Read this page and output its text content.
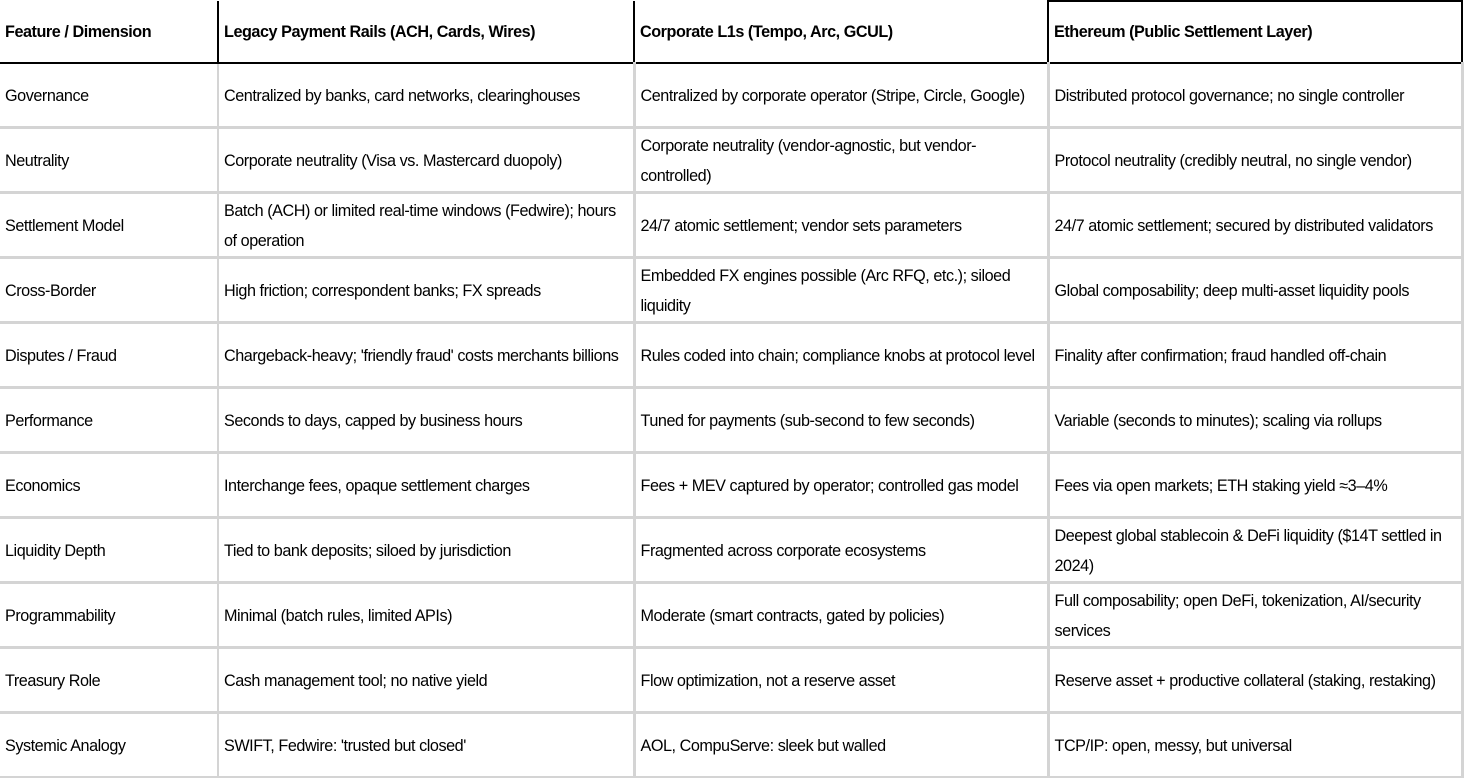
Feature / Dimension	Legacy Payment Rails (ACH, Cards, Wires)	Corporate L1s (Tempo, Arc, GCUL)	Ethereum (Public Settlement Layer)
Governance	Centralized by banks, card networks, clearinghouses	Centralized by corporate operator (Stripe, Circle, Google)	Distributed protocol governance; no single controller
Neutrality	Corporate neutrality (Visa vs. Mastercard duopoly)	Corporate neutrality (vendor-agnostic, but vendor-controlled)	Protocol neutrality (credibly neutral, no single vendor)
Settlement Model	Batch (ACH) or limited real-time windows (Fedwire); hours of operation	24/7 atomic settlement; vendor sets parameters	24/7 atomic settlement; secured by distributed validators
Cross-Border	High friction; correspondent banks; FX spreads	Embedded FX engines possible (Arc RFQ, etc.); siloed liquidity	Global composability; deep multi-asset liquidity pools
Disputes / Fraud	Chargeback-heavy; 'friendly fraud' costs merchants billions	Rules coded into chain; compliance knobs at protocol level	Finality after confirmation; fraud handled off-chain
Performance	Seconds to days, capped by business hours	Tuned for payments (sub-second to few seconds)	Variable (seconds to minutes); scaling via rollups
Economics	Interchange fees, opaque settlement charges	Fees + MEV captured by operator; controlled gas model	Fees via open markets; ETH staking yield ≈3–4%
Liquidity Depth	Tied to bank deposits; siloed by jurisdiction	Fragmented across corporate ecosystems	Deepest global stablecoin & DeFi liquidity ($14T settled in 2024)
Programmability	Minimal (batch rules, limited APIs)	Moderate (smart contracts, gated by policies)	Full composability; open DeFi, tokenization, AI/security services
Treasury Role	Cash management tool; no native yield	Flow optimization, not a reserve asset	Reserve asset + productive collateral (staking, restaking)
Systemic Analogy	SWIFT, Fedwire: 'trusted but closed'	AOL, CompuServe: sleek but walled	TCP/IP: open, messy, but universal
